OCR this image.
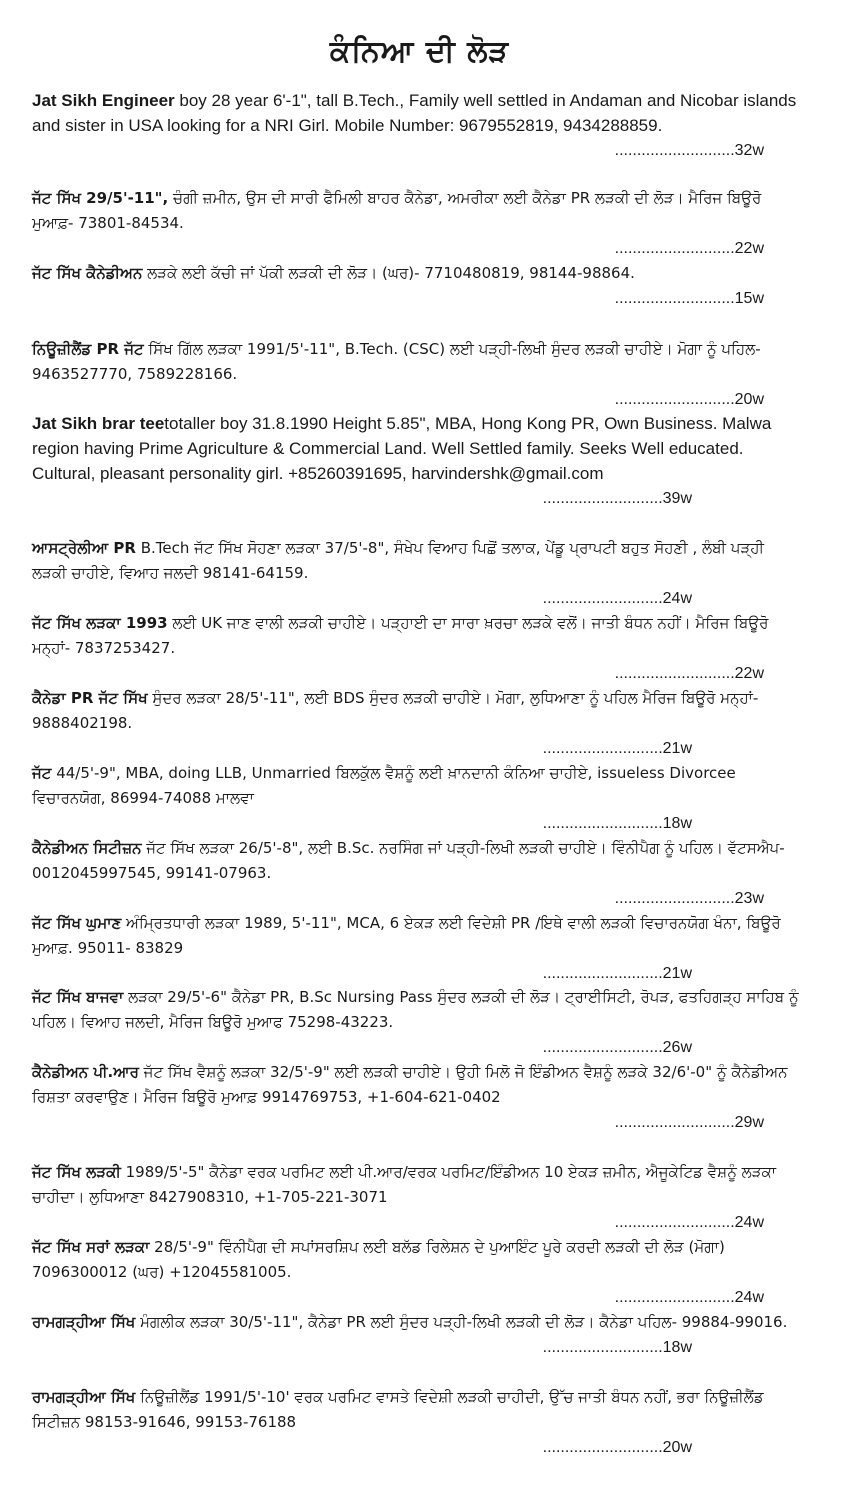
ਕੰਨਿਆ ਦੀ ਲੋੜ
Jat Sikh Engineer boy 28 year 6'-1", tall B.Tech., Family well settled in Andaman and Nicobar islands and sister in USA looking for a NRI Girl. Mobile Number: 9679552819, 9434288859.
...........................32w
ਜੱਟ ਸਿੱਖ 29/5'-11", ਚੰਗੀ ਜ਼ਮੀਨ, ਉਸ ਦੀ ਸਾਰੀ ਫੈਮਿਲੀ ਬਾਹਰ ਕੈਨੇਡਾ, ਅਮਰੀਕਾ ਲਈ ਕੈਨੇਡਾ PR ਲੜਕੀ ਦੀ ਲੋੜ। ਮੈਰਿਜ ਬਿਊਰੋ ਮੁਆਫ਼- 73801-84534.
...........................22w
ਜੱਟ ਸਿੱਖ ਕੈਨੇਡੀਅਨ ਲੜਕੇ ਲਈ ਕੱਚੀ ਜਾਂ ਪੱਕੀ ਲੜਕੀ ਦੀ ਲੋੜ। (ਘਰ)- 7710480819, 98144-98864.
...........................15w
ਨਿਊਜ਼ੀਲੈਂਡ PR ਜੱਟ ਸਿੱਖ ਗਿੱਲ ਲੜਕਾ 1991/5'-11", B.Tech. (CSC) ਲਈ ਪੜ੍ਹੀ-ਲਿਖੀ ਸੁੰਦਰ ਲੜਕੀ ਚਾਹੀਏ। ਮੋਗਾ ਨੂੰ ਪਹਿਲ- 9463527770, 7589228166.
...........................20w
Jat Sikh brar teetotaller boy 31.8.1990 Height 5.85", MBA, Hong Kong PR, Own Business. Malwa region having Prime Agriculture & Commercial Land. Well Settled family. Seeks Well educated. Cultural, pleasant personality girl. +85260391695, harvindershk@gmail.com
...........................39w
ਆਸਟ੍ਰੇਲੀਆ PR B.Tech ਜੱਟ ਸਿੱਖ ਸੋਹਣਾ ਲੜਕਾ 37/5'-8", ਸੰਖੇਪ ਵਿਆਹ ਪਿਛੋਂ ਤਲਾਕ, ਪੇਂਡੂ ਪ੍ਰਾਪਟੀ ਬਹੁਤ ਸੋਹਣੀ , ਲੰਬੀ ਪੜ੍ਹੀ ਲੜਕੀ ਚਾਹੀਏ, ਵਿਆਹ ਜਲਦੀ 98141-64159.
...........................24w
ਜੱਟ ਸਿੱਖ ਲੜਕਾ 1993 ਲਈ UK ਜਾਣ ਵਾਲੀ ਲੜਕੀ ਚਾਹੀਏ। ਪੜ੍ਹਾਈ ਦਾ ਸਾਰਾ ਖ਼ਰਚਾ ਲੜਕੇ ਵਲੋਂ। ਜਾਤੀ ਬੰਧਨ ਨਹੀਂ। ਮੈਰਿਜ ਬਿਊਰੋ ਮਨ੍ਹਾਂ- 7837253427.
...........................22w
ਕੈਨੇਡਾ PR ਜੱਟ ਸਿੱਖ ਸੁੰਦਰ ਲੜਕਾ 28/5'-11", ਲਈ BDS ਸੁੰਦਰ ਲੜਕੀ ਚਾਹੀਏ। ਮੋਗਾ, ਲੁਧਿਆਣਾ ਨੂੰ ਪਹਿਲ ਮੈਰਿਜ ਬਿਊਰੋ ਮਨ੍ਹਾਂ- 9888402198.
...........................21w
ਜੱਟ 44/5'-9", MBA, doing LLB, Unmarried ਬਿਲਕੁੱਲ ਵੈਸ਼ਨੂੰ ਲਈ ਖ਼ਾਨਦਾਨੀ ਕੰਨਿਆ ਚਾਹੀਏ, issueless Divorcee ਵਿਚਾਰਨਯੋਗ, 86994-74088 ਮਾਲਵਾ
...........................18w
ਕੈਨੇਡੀਅਨ ਸਿਟੀਜ਼ਨ ਜੱਟ ਸਿੱਖ ਲੜਕਾ 26/5'-8", ਲਈ B.Sc. ਨਰਸਿੰਗ ਜਾਂ ਪੜ੍ਹੀ-ਲਿਖੀ ਲੜਕੀ ਚਾਹੀਏ। ਵਿੰਨੀਪੈਗ ਨੂੰ ਪਹਿਲ। ਵੱਟਸਐਪ- 0012045997545, 99141-07963.
...........................23w
ਜੱਟ ਸਿੱਖ ਘੁਮਾਣ ਅੰਮ੍ਰਿਤਧਾਰੀ ਲੜਕਾ 1989, 5'-11", MCA, 6 ਏਕੜ ਲਈ ਵਿਦੇਸ਼ੀ PR /ਇਥੇ ਵਾਲੀ ਲੜਕੀ ਵਿਚਾਰਨਯੋਗ ਖੰਨਾ, ਬਿਊਰੋ ਮੁਆਫ਼. 95011- 83829
...........................21w
ਜੱਟ ਸਿੱਖ ਬਾਜਵਾ ਲੜਕਾ 29/5'-6" ਕੈਨੇਡਾ PR, B.Sc Nursing Pass ਸੁੰਦਰ ਲੜਕੀ ਦੀ ਲੋੜ। ਟ੍ਰਾਈਸਿਟੀ, ਰੋਪੜ, ਫਤਹਿਗੜ੍ਹ ਸਾਹਿਬ ਨੂੰ ਪਹਿਲ। ਵਿਆਹ ਜਲਦੀ, ਮੈਰਿਜ ਬਿਊਰੋ ਮੁਆਫ 75298-43223.
...........................26w
ਕੈਨੇਡੀਅਨ ਪੀ.ਆਰ ਜੱਟ ਸਿੱਖ ਵੈਸ਼ਨੂੰ ਲੜਕਾ 32/5'-9" ਲਈ ਲੜਕੀ ਚਾਹੀਏ। ਉਹੀ ਮਿਲੋ ਜੋ ਇੰਡੀਅਨ ਵੈਸ਼ਨੂੰ ਲੜਕੇ 32/6'-0" ਨੂੰ ਕੈਨੇਡੀਅਨ ਰਿਸ਼ਤਾ ਕਰਵਾਉਣ। ਮੈਰਿਜ ਬਿਊਰੋ ਮੁਆਫ਼ 9914769753, +1-604-621-0402
...........................29w
ਜੱਟ ਸਿੱਖ ਲੜਕੀ 1989/5'-5" ਕੈਨੇਡਾ ਵਰਕ ਪਰਮਿਟ ਲਈ ਪੀ.ਆਰ/ਵਰਕ ਪਰਮਿਟ/ਇੰਡੀਅਨ 10 ਏਕੜ ਜ਼ਮੀਨ, ਐਜੂਕੇਟਿਡ ਵੈਸ਼ਨੂੰ ਲੜਕਾ ਚਾਹੀਦਾ। ਲੁਧਿਆਣਾ 8427908310, +1-705-221-3071
...........................24w
ਜੱਟ ਸਿੱਖ ਸਰਾਂ ਲੜਕਾ 28/5'-9" ਵਿੰਨੀਪੈਗ ਦੀ ਸਪਾਂਸਰਸ਼ਿਪ ਲਈ ਬਲੱਡ ਰਿਲੇਸ਼ਨ ਦੇ ਪੁਆਇੰਟ ਪੂਰੇ ਕਰਦੀ ਲੜਕੀ ਦੀ ਲੋੜ (ਮੋਗਾ) 7096300012 (ਘਰ) +12045581005.
...........................24w
ਰਾਮਗੜ੍ਹੀਆ ਸਿੱਖ ਮੰਗਲੀਕ ਲੜਕਾ 30/5'-11", ਕੈਨੇਡਾ PR ਲਈ ਸੁੰਦਰ ਪੜ੍ਹੀ-ਲਿਖੀ ਲੜਕੀ ਦੀ ਲੋੜ। ਕੈਨੇਡਾ ਪਹਿਲ- 99884-99016.
...........................18w
ਰਾਮਗੜ੍ਹੀਆ ਸਿੱਖ ਨਿਊਜ਼ੀਲੈਂਡ 1991/5'-10' ਵਰਕ ਪਰਮਿਟ ਵਾਸਤੇ ਵਿਦੇਸ਼ੀ ਲੜਕੀ ਚਾਹੀਦੀ, ਉੱਚ ਜਾਤੀ ਬੰਧਨ ਨਹੀਂ, ਭਰਾ ਨਿਊਜ਼ੀਲੈਂਡ ਸਿਟੀਜ਼ਨ 98153-91646, 99153-76188
...........................20w
